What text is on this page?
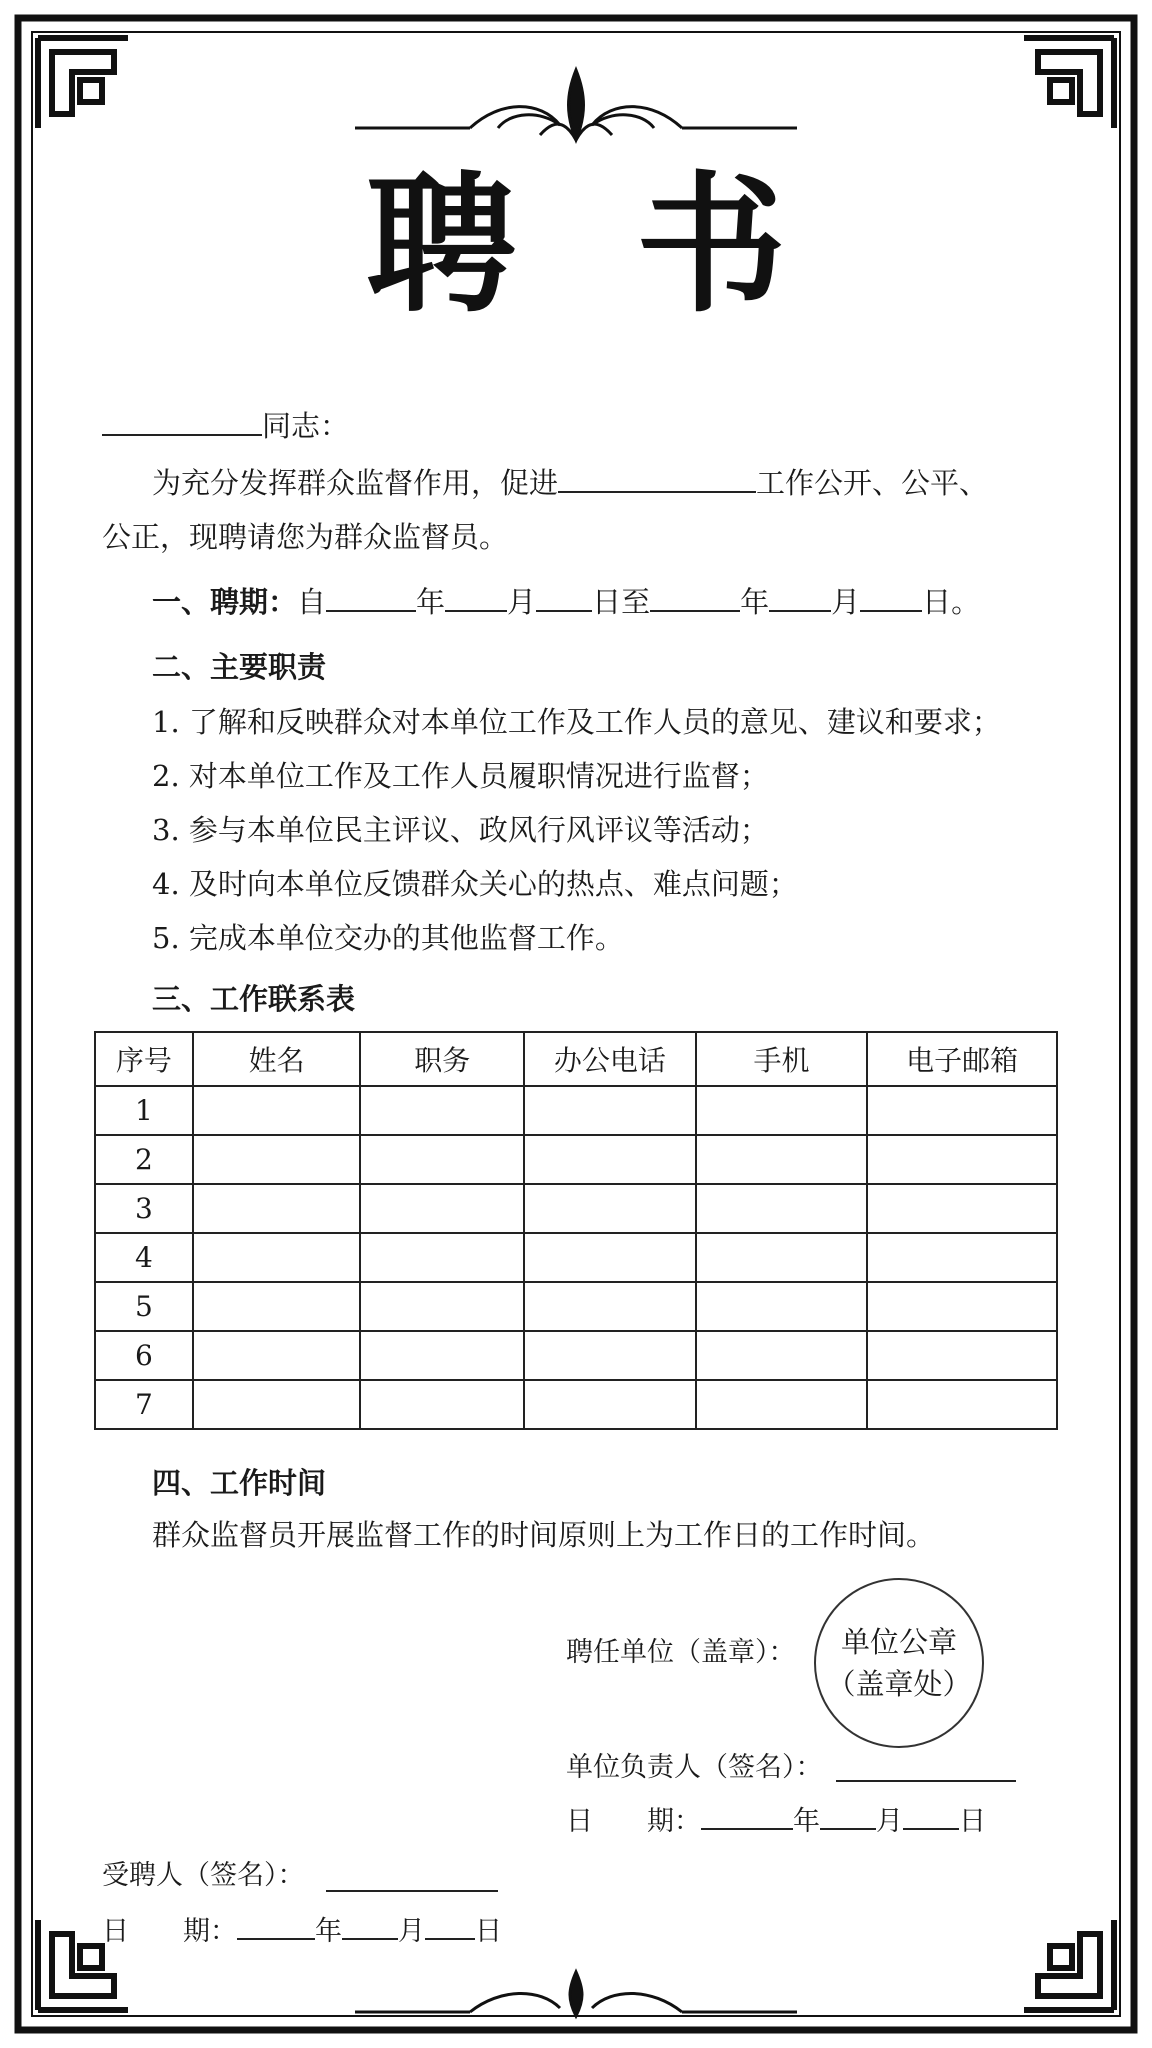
聘书
同志：
为充分发挥群众监督作用，促进	工作公开、公平、
公正，现聘请您为群众监督员。
一、聘期：自	年 月 日至	年 月 日。
二、主要职责
1. 了解和反映群众对本单位工作及工作人员的意见、建议和要求；
2. 对本单位工作及工作人员履职情况进行监督；
3. 参与本单位民主评议、政风行风评议等活动；
4. 及时向本单位反馈群众关心的热点、难点问题；
5. 完成本单位交办的其他监督工作。
三、工作联系表
序号	姓名	职务	办公电话	手机	电子邮箱
1					
2					
3					
4					
5					
6					
7					
四、工作时间
群众监督员开展监督工作的时间原则上为工作日的工作时间。
聘任单位（盖章）： 单位公章
（盖章处）
单位负责人（签名）：
日　　期：	年 月 日
受聘人（签名）：
日　　期：	年 月 日
